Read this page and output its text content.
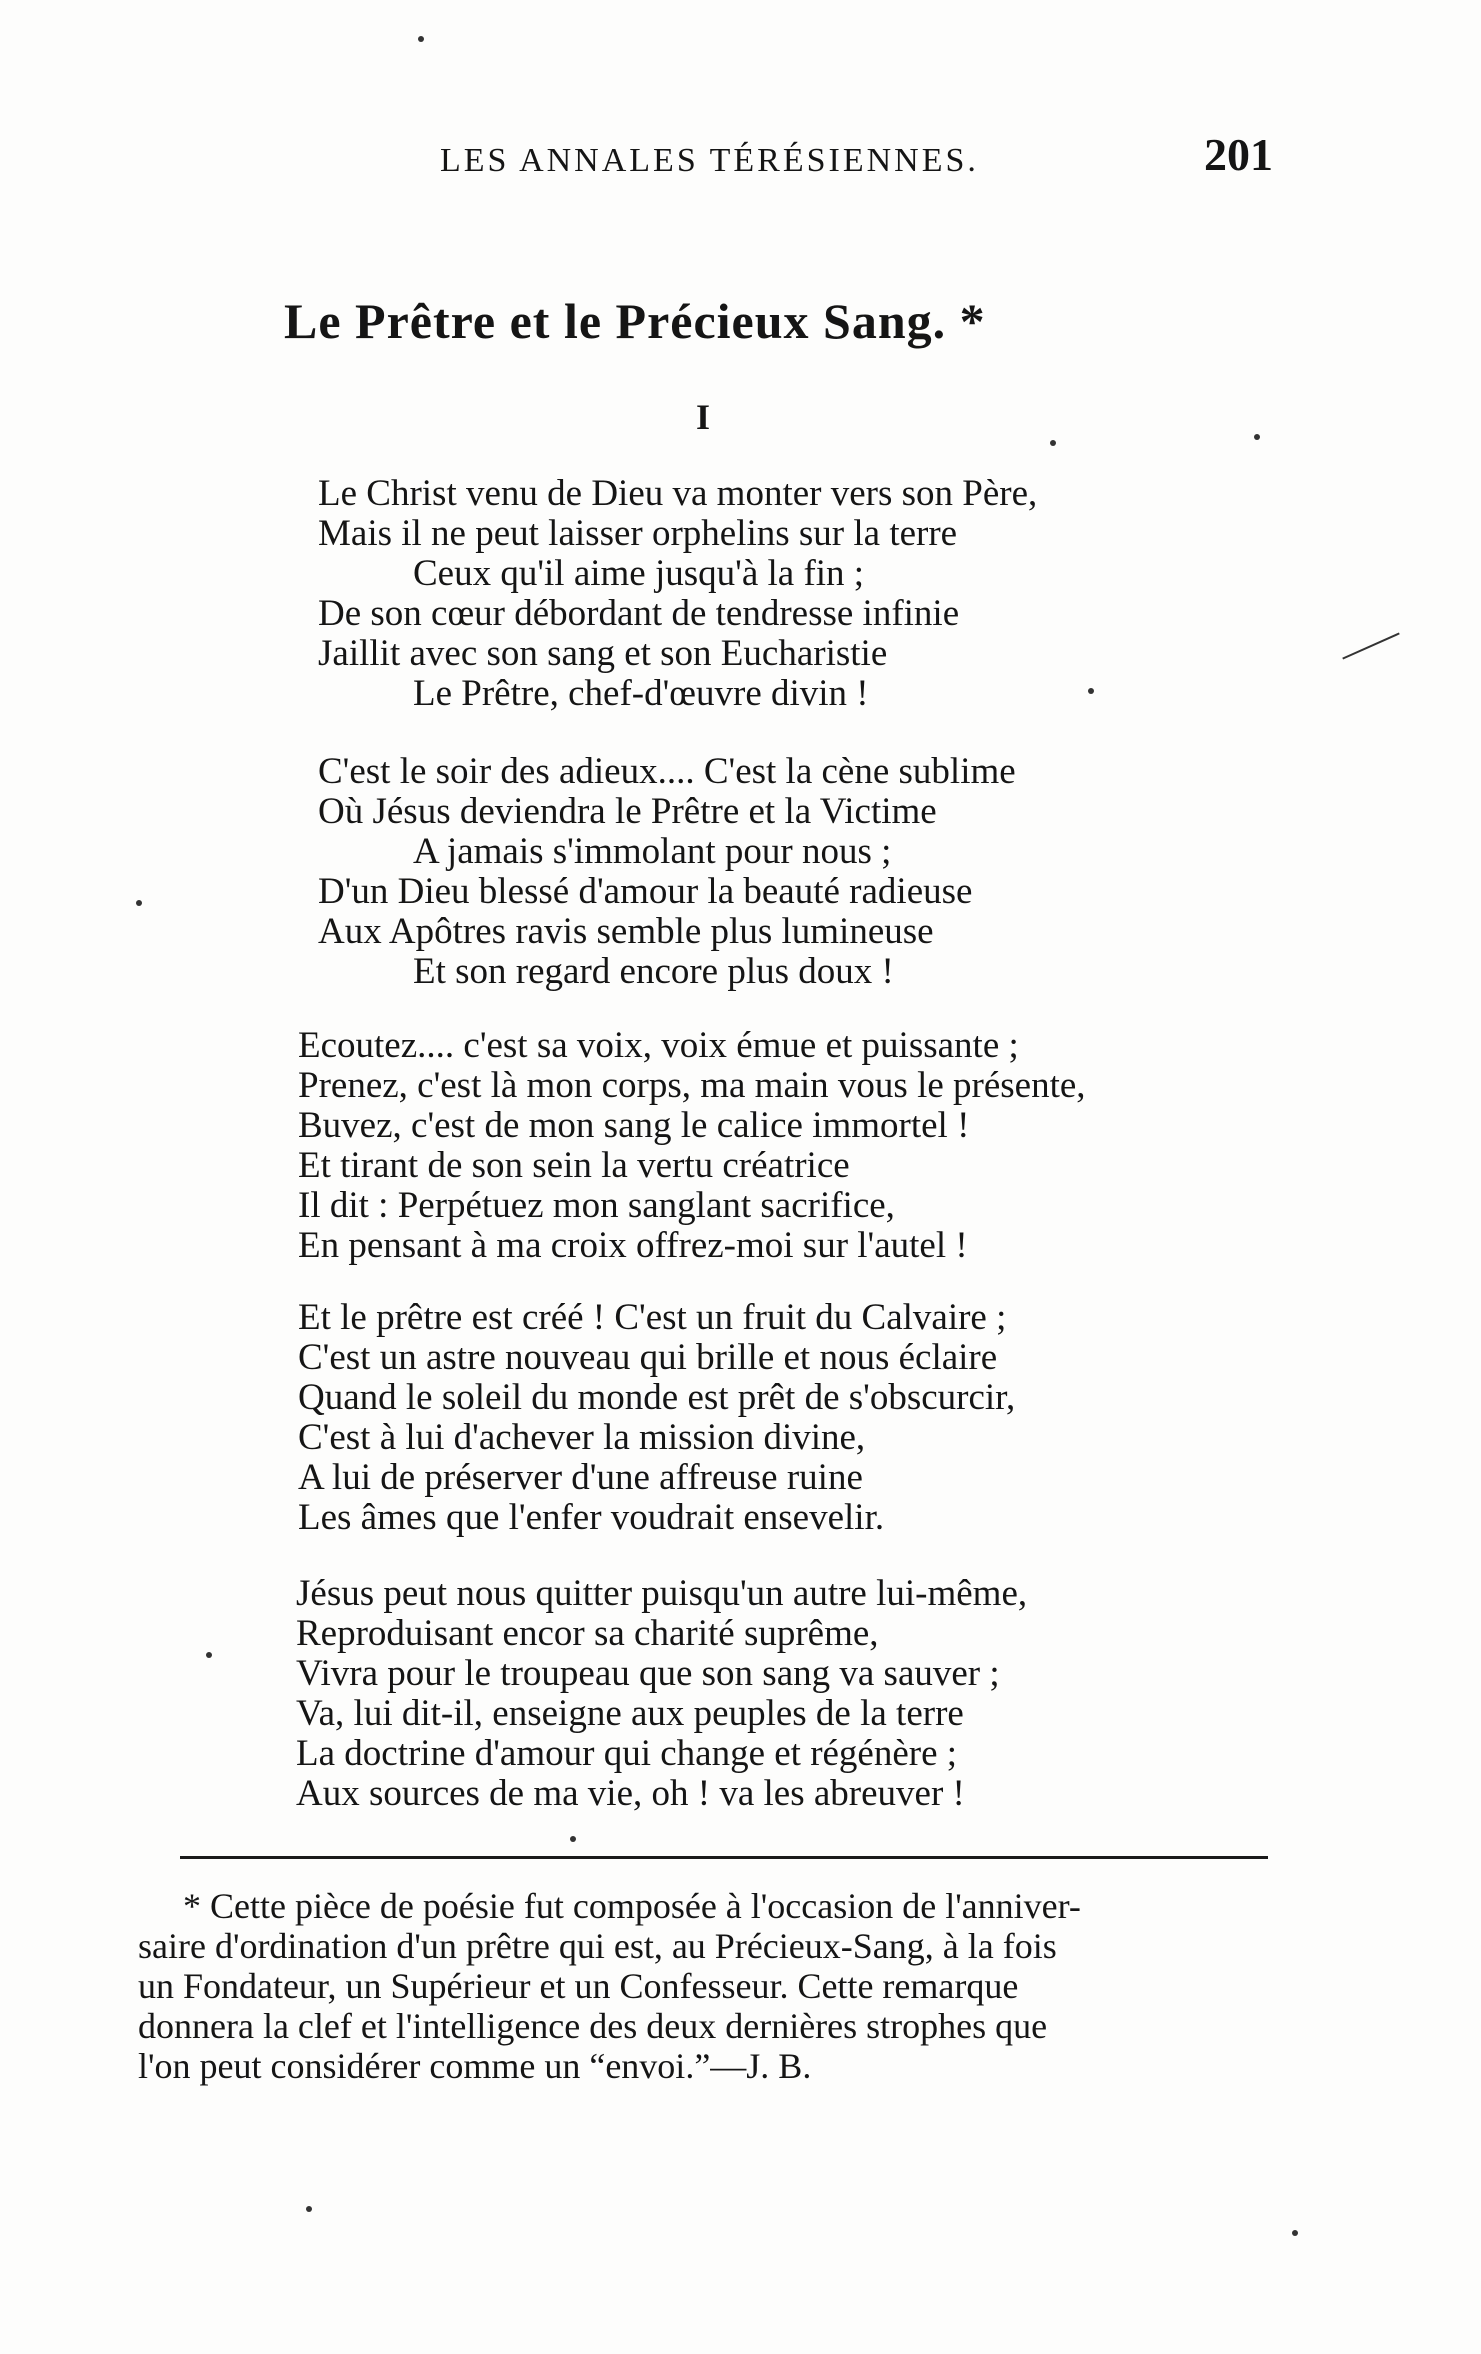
LES ANNALES TÉRÉSIENNES.	201
Le Prêtre et le Précieux Sang. *
I
Le Christ venu de Dieu va monter vers son Père,
Mais il ne peut laisser orphelins sur la terre
Ceux qu'il aime jusqu'à la fin ;
De son cœur débordant de tendresse infinie
Jaillit avec son sang et son Eucharistie
Le Prêtre, chef-d'œuvre divin !
C'est le soir des adieux.... C'est la cène sublime
Où Jésus deviendra le Prêtre et la Victime
A jamais s'immolant pour nous ;
D'un Dieu blessé d'amour la beauté radieuse
Aux Apôtres ravis semble plus lumineuse
Et son regard encore plus doux !
Ecoutez.... c'est sa voix, voix émue et puissante ;
Prenez, c'est là mon corps, ma main vous le présente,
Buvez, c'est de mon sang le calice immortel !
Et tirant de son sein la vertu créatrice
Il dit : Perpétuez mon sanglant sacrifice,
En pensant à ma croix offrez-moi sur l'autel !
Et le prêtre est créé ! C'est un fruit du Calvaire ;
C'est un astre nouveau qui brille et nous éclaire
Quand le soleil du monde est prêt de s'obscurcir,
C'est à lui d'achever la mission divine,
A lui de préserver d'une affreuse ruine
Les âmes que l'enfer voudrait ensevelir.
Jésus peut nous quitter puisqu'un autre lui-même,
Reproduisant encor sa charité suprême,
Vivra pour le troupeau que son sang va sauver ;
Va, lui dit-il, enseigne aux peuples de la terre
La doctrine d'amour qui change et régénère ;
Aux sources de ma vie, oh ! va les abreuver !
* Cette pièce de poésie fut composée à l'occasion de l'anniver-
saire d'ordination d'un prêtre qui est, au Précieux-Sang, à la fois
un Fondateur, un Supérieur et un Confesseur. Cette remarque
donnera la clef et l'intelligence des deux dernières strophes que
l'on peut considérer comme un “envoi.”—J. B.
